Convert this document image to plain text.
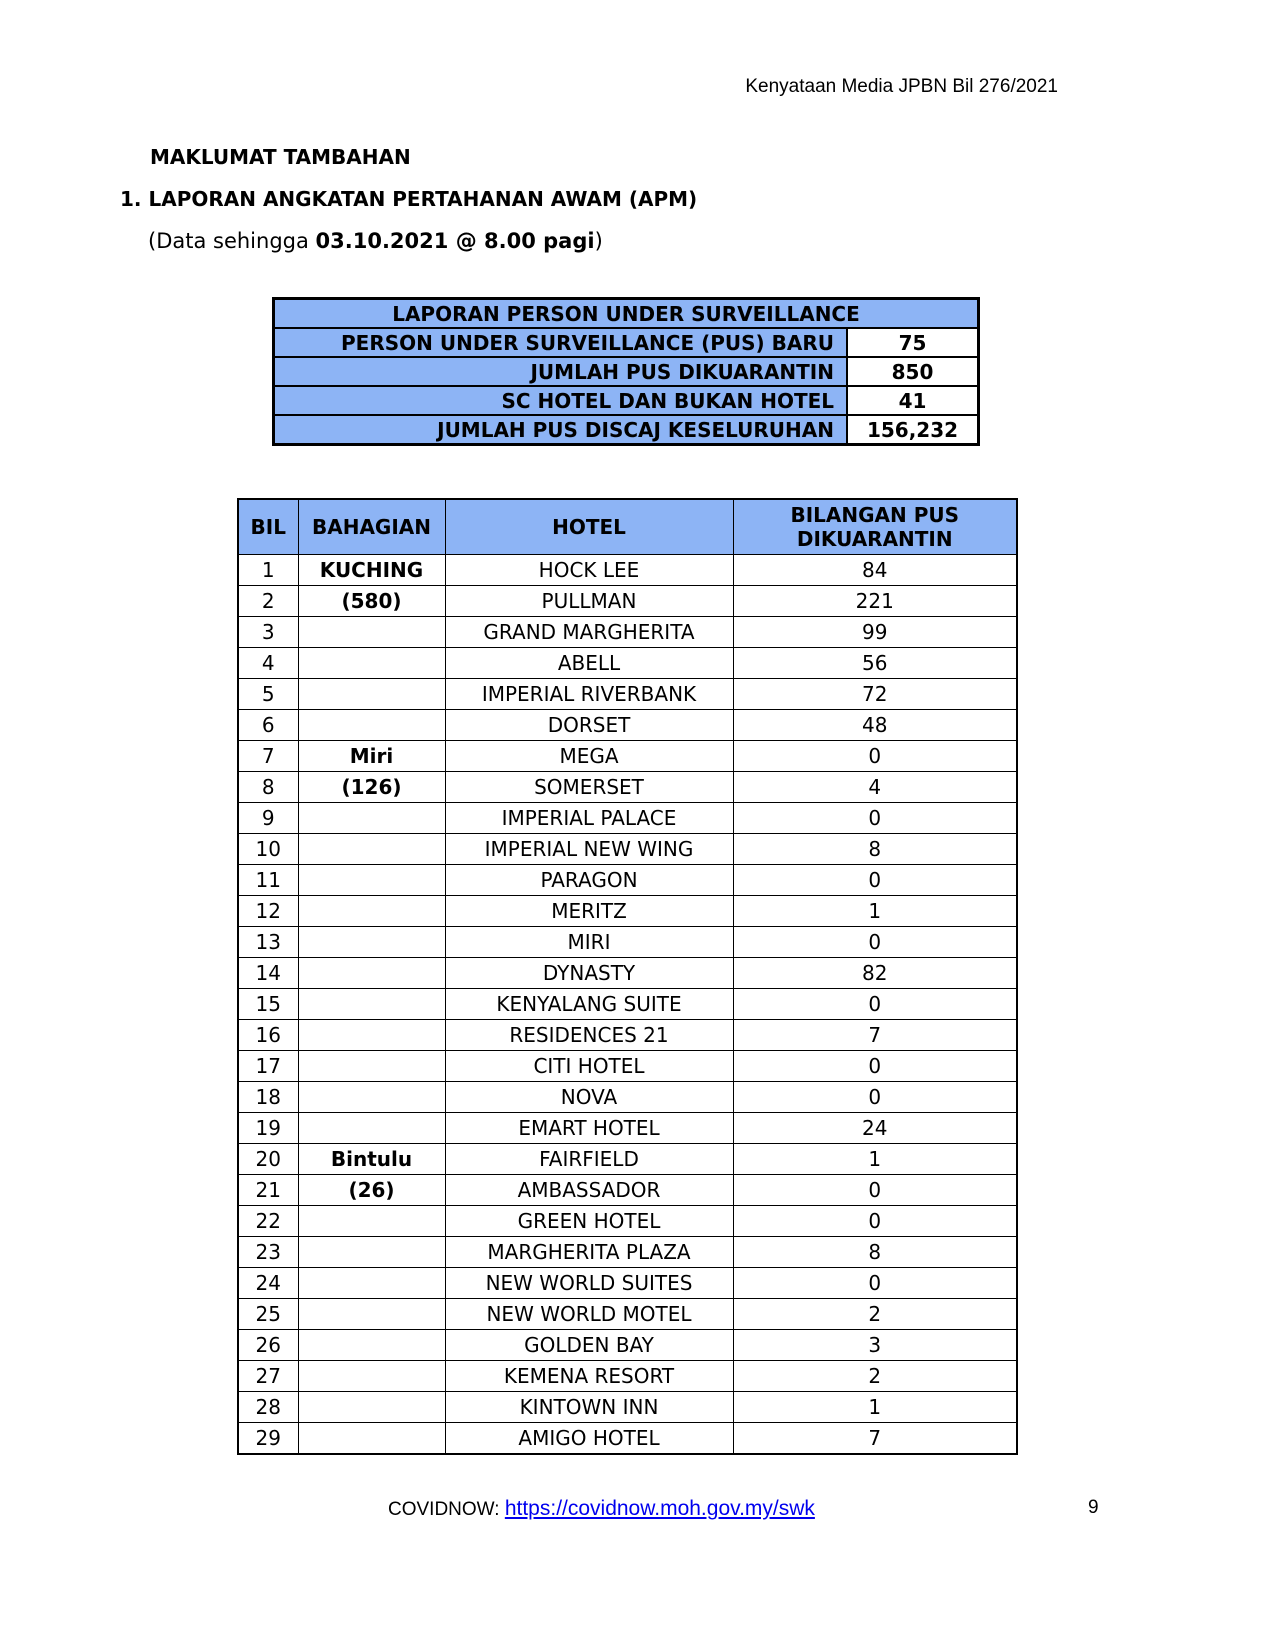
Kenyataan Media JPBN Bil 276/2021
MAKLUMAT TAMBAHAN
1. LAPORAN ANGKATAN PERTAHANAN AWAM (APM)
(Data sehingga 03.10.2021 @ 8.00 pagi)
LAPORAN PERSON UNDER SURVEILLANCE	
PERSON UNDER SURVEILLANCE (PUS) BARU	75
JUMLAH PUS DIKUARANTIN	850
SC HOTEL DAN BUKAN HOTEL	41
JUMLAH PUS DISCAJ KESELURUHAN	156,232
BIL	BAHAGIAN	HOTEL	BILANGAN PUS DIKUARANTIN
1	KUCHING	HOCK LEE	84
2	(580)	PULLMAN	221
3		GRAND MARGHERITA	99
4		ABELL	56
5		IMPERIAL RIVERBANK	72
6		DORSET	48
7	Miri	MEGA	0
8	(126)	SOMERSET	4
9		IMPERIAL PALACE	0
10		IMPERIAL NEW WING	8
11		PARAGON	0
12		MERITZ	1
13		MIRI	0
14		DYNASTY	82
15		KENYALANG SUITE	0
16		RESIDENCES 21	7
17		CITI HOTEL	0
18		NOVA	0
19		EMART HOTEL	24
20	Bintulu	FAIRFIELD	1
21	(26)	AMBASSADOR	0
22		GREEN HOTEL	0
23		MARGHERITA PLAZA	8
24		NEW WORLD SUITES	0
25		NEW WORLD MOTEL	2
26		GOLDEN BAY	3
27		KEMENA RESORT	2
28		KINTOWN INN	1
29		AMIGO HOTEL	7
COVIDNOW: https://covidnow.moh.gov.my/swk	9
